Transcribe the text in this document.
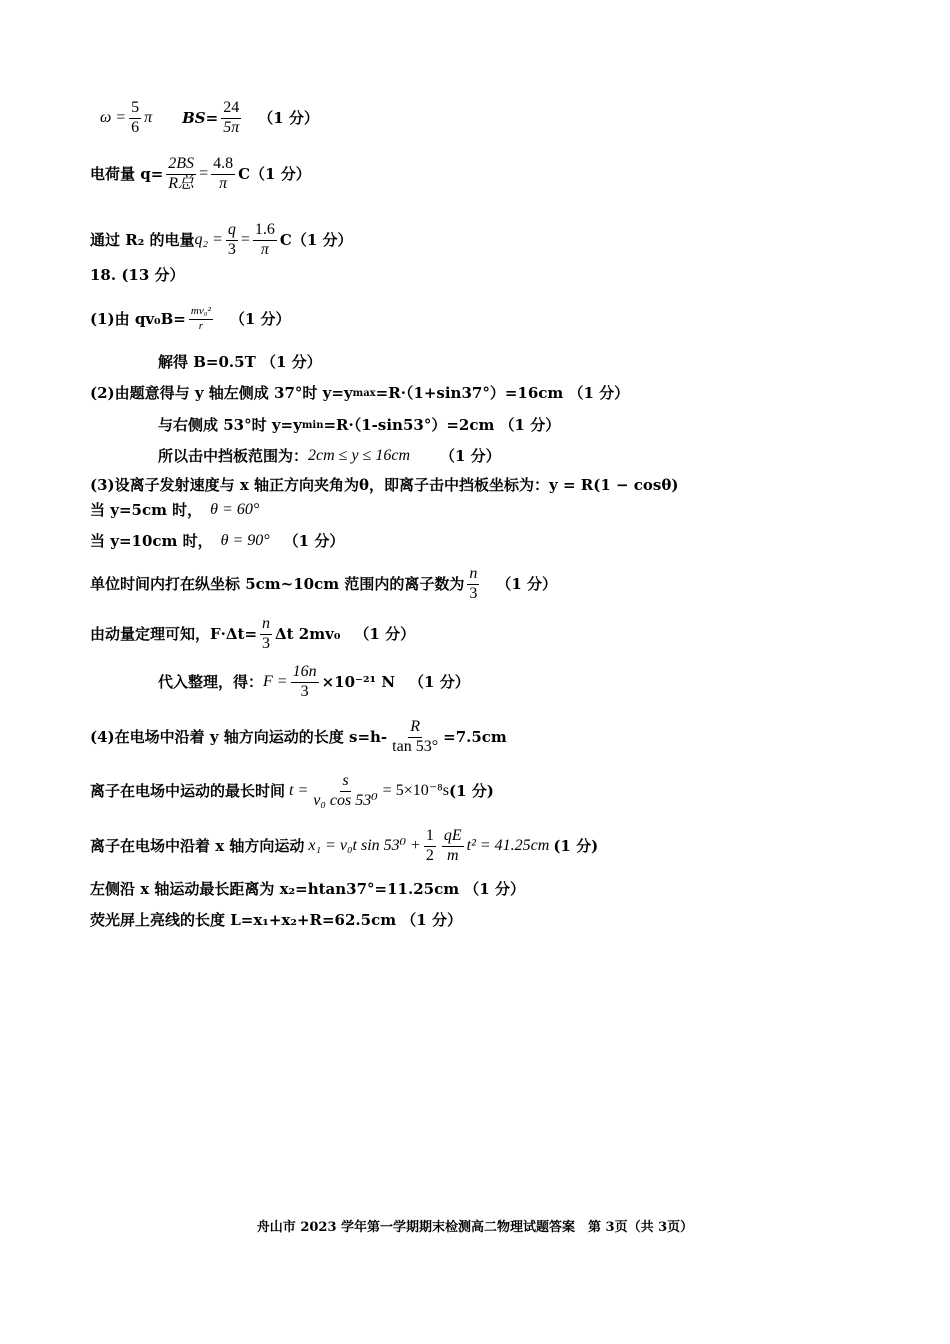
$\omega = \frac{5}{6}$ π $BS= \frac{24}{5\pi} (1$ 分）
电荷量 $q= \frac{2BS}{\text{R总}} = \frac{4.8}{\pi} C(1$ 分）
通过 R₂ 的电量 $q_2 = \frac{q}{3} = \frac{1.6}{\pi} C(1$ 分）
18. (13 分）
(1)由 $qv_0B= \frac{\text{mv₀²}}{r} (1$ 分）
解得 B=0.5T （1 分）
(2)由题意得与 y 轴左侧成 37°时 y=y max =R·（1+sin37°）=16cm （1 分）
与右侧成 53°时 y=y min =R·（1-sin53°）=2cm （1 分）
所以击中挡板范围为： 2cm ≤ y ≤ 16cm （1 分）
(3)设离子发射速度与 x 轴正方向夹角为θ，即离子击中挡板坐标为：y = R(1 − cosθ)
当 y=5cm 时， θ = 60°
当 y=10cm 时， θ = 90° （1 分）
单位时间内打在纵坐标 5cm~10cm 范围内的离子数为 $\frac{n}{3} (1$ 分）
由动量定理可知，$F\cdot\Delta t= \frac{n}{3}$ Δt 2mv₀ （1 分）
代入整理，得： $F = \frac{16n}{3} \times 10^{-21}$ N （1 分）
(4)在电场中沿着 y 轴方向运动的长度 $s=h- \frac{R}{\tan 53^\circ} =7.5cm$
离子在电场中运动的最长时间 $t = \frac{s}{\text{v₀ cos 53⁰}} = 5\times 10^{-8}s$ (1 分)
离子在电场中沿着 x 轴方向运动 x₁ = v₀t $\sin 53^0 + \frac{1}{2} \frac{qE}{m} t^2 = 41.25cm$ (1 分)
左侧沿 x 轴运动最长距离为 x₂=htan37°=11.25cm （1 分）
荧光屏上亮线的长度 L=x₁+x₂+R=62.5cm （1 分）
舟山市 2023 学年第一学期期末检测高二物理试题答案　第 3页（共 3页）
